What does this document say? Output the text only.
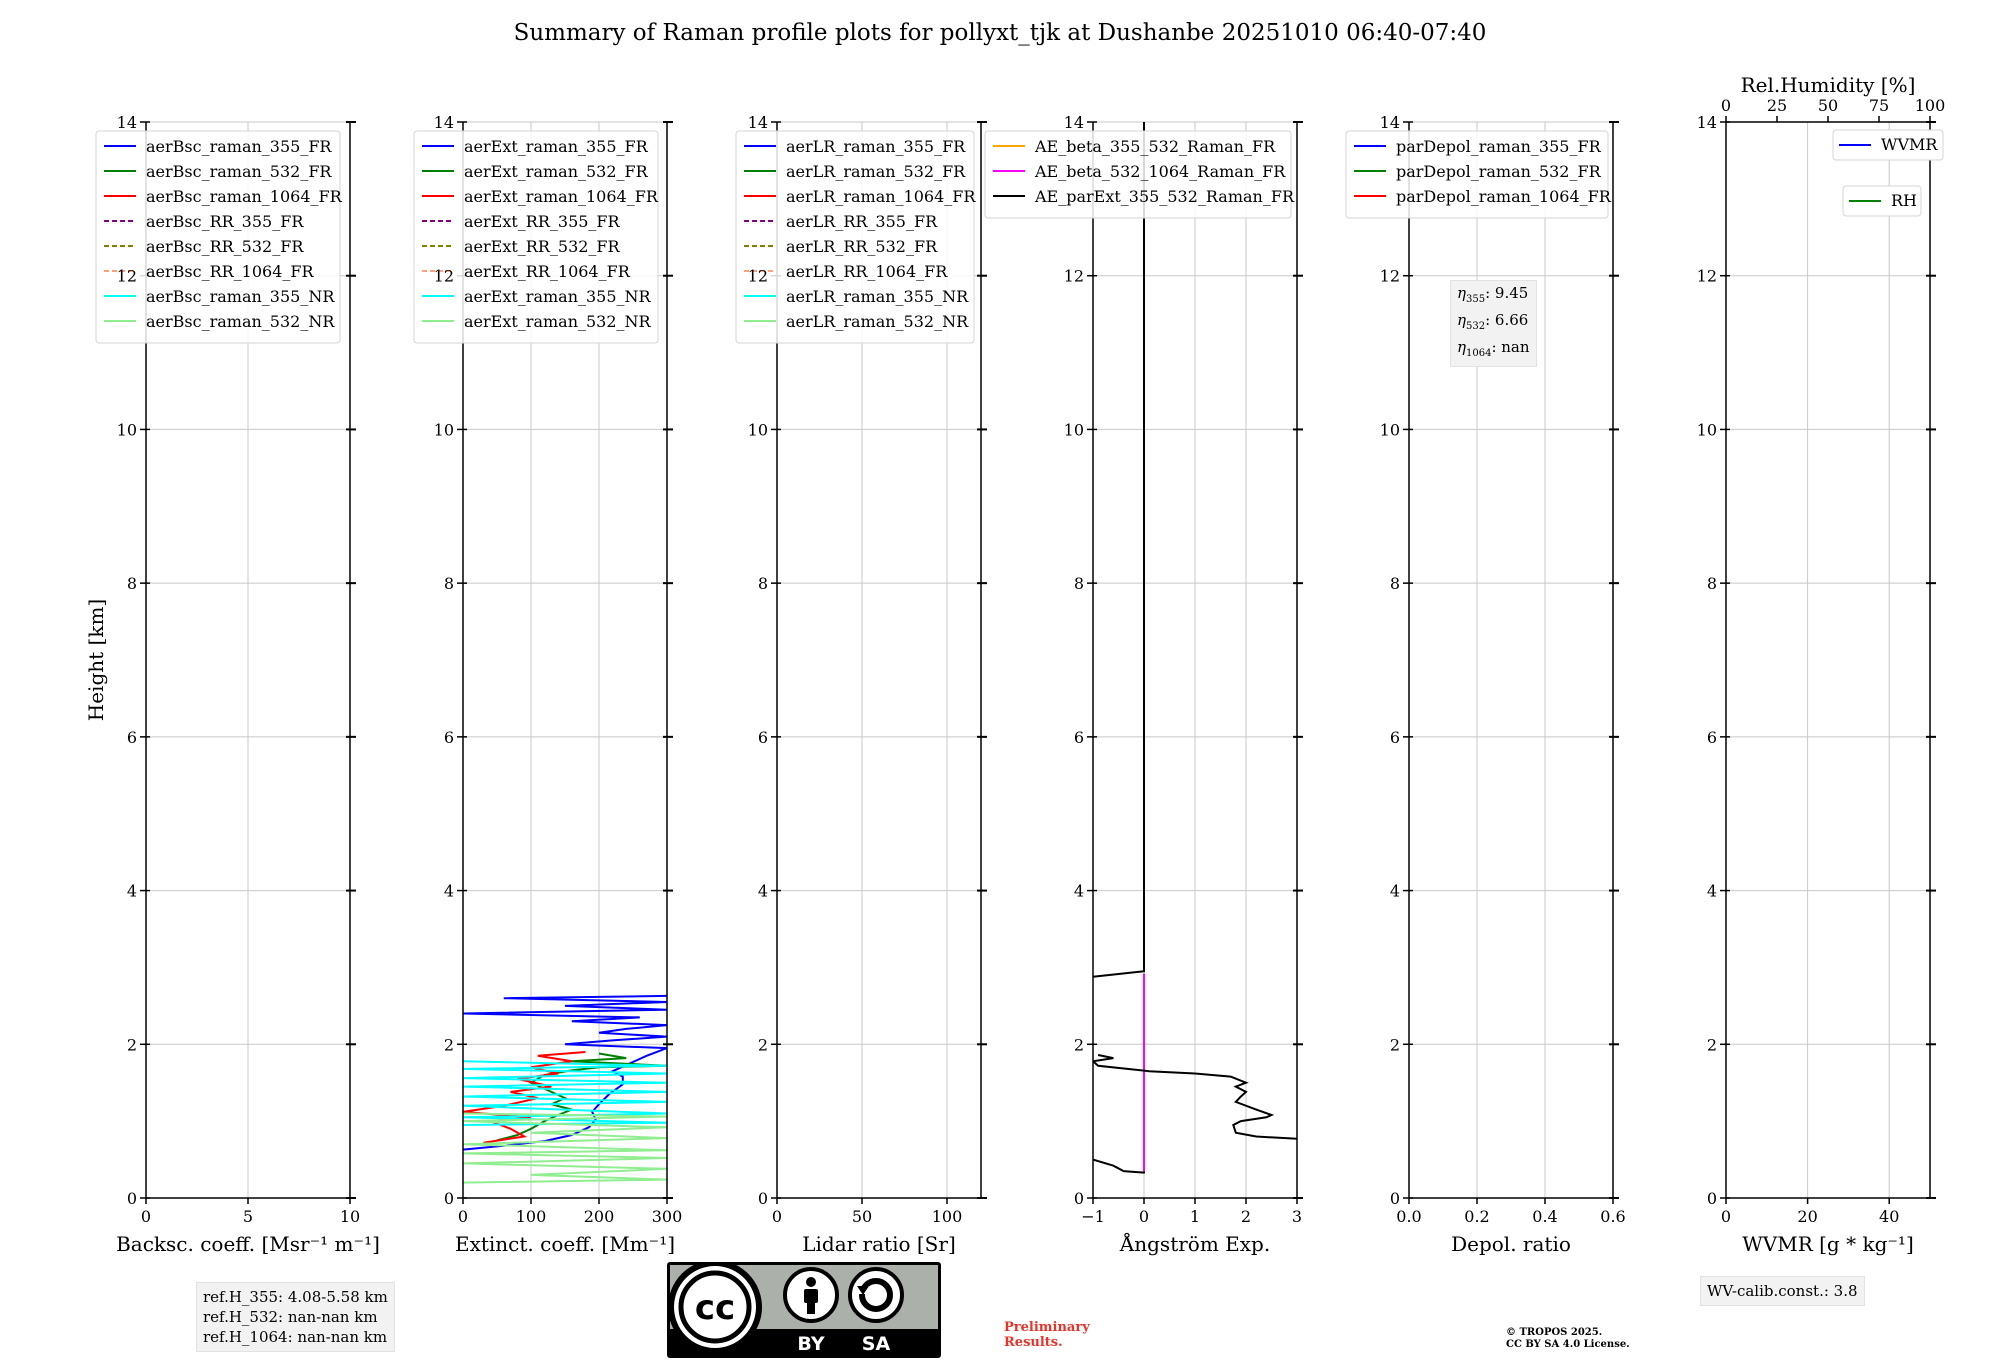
Summary of Raman profile plots for pollyxt_tjk at Dushanbe 20251010 06:40-07:40
0
2
4
6
8
10
12
14
0	5	10
Backsc. coeff. [Msr⁻¹ m⁻¹]
Height [km]
aerBsc_raman_355_FR
aerBsc_raman_532_FR
aerBsc_raman_1064_FR
aerBsc_RR_355_FR
aerBsc_RR_532_FR
aerBsc_RR_1064_FR
aerBsc_raman_355_NR
aerBsc_raman_532_NR
0
2
4
6
8
10
12
14
0	100 200 300
Extinct. coeff. [Mm⁻¹]
aerExt_raman_355_FR
aerExt_raman_532_FR
aerExt_raman_1064_FR
aerExt_RR_355_FR
aerExt_RR_532_FR
aerExt_RR_1064_FR
aerExt_raman_355_NR
aerExt_raman_532_NR
0
2
4
6
8
10
12
14
0	50	100
Lidar ratio [Sr]
aerLR_raman_355_FR
aerLR_raman_532_FR
aerLR_raman_1064_FR
aerLR_RR_355_FR
aerLR_RR_532_FR
aerLR_RR_1064_FR
aerLR_raman_355_NR
aerLR_raman_532_NR
0
2
4
6
8
10
12
14
−1 0	1	2	3
Ångström Exp.
AE_beta_355_532_Raman_FR
AE_beta_532_1064_Raman_FR
AE_parExt_355_532_Raman_FR
0
2
4
6
8
10
12
14
0.0	0.2	0.4	0.6
Depol. ratio
parDepol_raman_355_FR
parDepol_raman_532_FR
parDepol_raman_1064_FR
0
2
4
6
8
10
12
14
0	20	40
WVMR [g * kg⁻¹]
0 25 50 75 100
Rel.Humidity [%]
WVMR
RH
ref.H_355: 4.08-5.58 km
ref.H_532: nan-nan km
ref.H_1064: nan-nan km
$\eta_{355}$: 9.45
$\eta_{532}$: 6.66
$\eta_{1064}$: nan
WV-calib.const.: 3.8
Preliminary
Results.
© TROPOS 2025.
CC BY SA 4.0 License.
cc
BY SA
